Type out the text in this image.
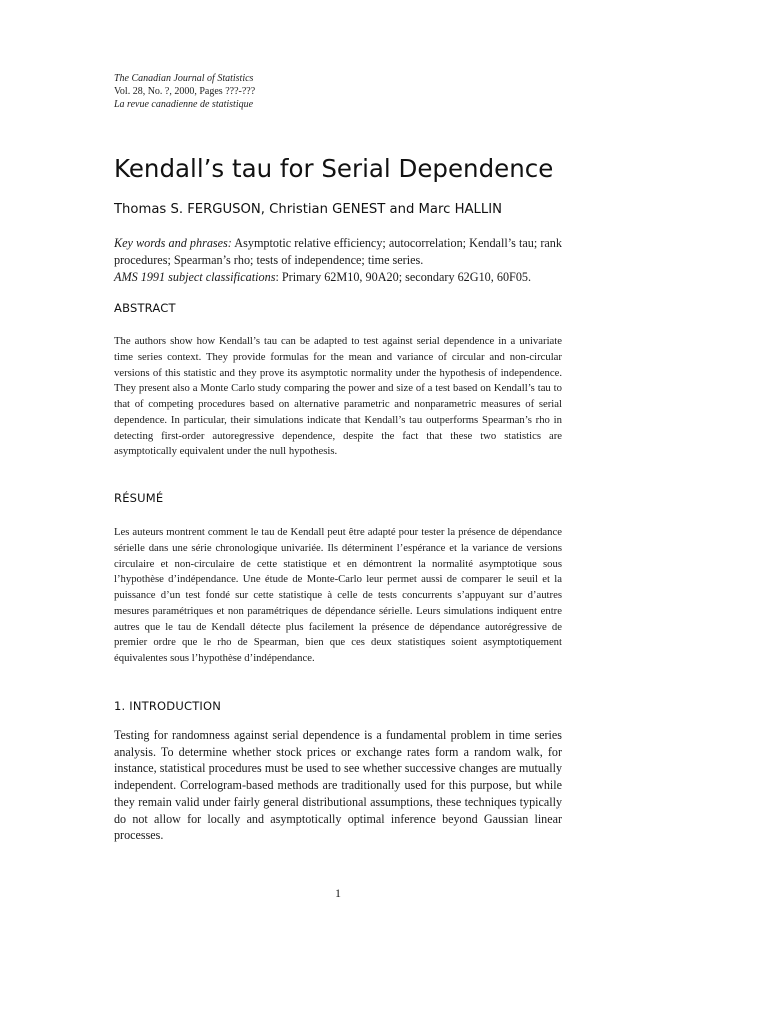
The Canadian Journal of Statistics
Vol. 28, No. ?, 2000, Pages ???-???
La revue canadienne de statistique
Kendall’s tau for Serial Dependence
Thomas S. FERGUSON, Christian GENEST and Marc HALLIN
Key words and phrases: Asymptotic relative efficiency; autocorrelation; Kendall’s tau; rank procedures; Spearman’s rho; tests of independence; time series.
AMS 1991 subject classifications: Primary 62M10, 90A20; secondary 62G10, 60F05.
ABSTRACT

The authors show how Kendall’s tau can be adapted to test against serial dependence in a univariate time series context. They provide formulas for the mean and variance of circular and non-circular versions of this statistic and they prove its asymptotic normality under the hypothesis of independence. They present also a Monte Carlo study comparing the power and size of a test based on Kendall’s tau to that of competing procedures based on alternative parametric and nonparametric measures of serial dependence. In particular, their simulations indicate that Kendall’s tau outperforms Spearman’s rho in detecting first-order autoregressive dependence, despite the fact that these two statistics are asymptotically equivalent under the null hypothesis.

RÉSUMÉ

Les auteurs montrent comment le tau de Kendall peut être adapté pour tester la présence de dépendance sérielle dans une série chronologique univariée. Ils déterminent l’espérance et la variance de versions circulaire et non-circulaire de cette statistique et en démontrent la normalité asymptotique sous l’hypothèse d’indépendance. Une étude de Monte-Carlo leur permet aussi de comparer le seuil et la puissance d’un test fondé sur cette statistique à celle de tests concurrents s’appuyant sur d’autres mesures paramétriques et non paramétriques de dépendance sérielle. Leurs simulations indiquent entre autres que le tau de Kendall détecte plus facilement la présence de dépendance autorégressive de premier ordre que le rho de Spearman, bien que ces deux statistiques soient asymptotiquement équivalentes sous l’hypothèse d’indépendance.

1. INTRODUCTION

Testing for randomness against serial dependence is a fundamental problem in time series analysis. To determine whether stock prices or exchange rates form a random walk, for instance, statistical procedures must be used to see whether successive changes are mutually independent. Correlogram-based methods are traditionally used for this purpose, but while they remain valid under fairly general distributional assumptions, these techniques typically do not allow for locally and asymptotically optimal inference beyond Gaussian linear processes.

1
